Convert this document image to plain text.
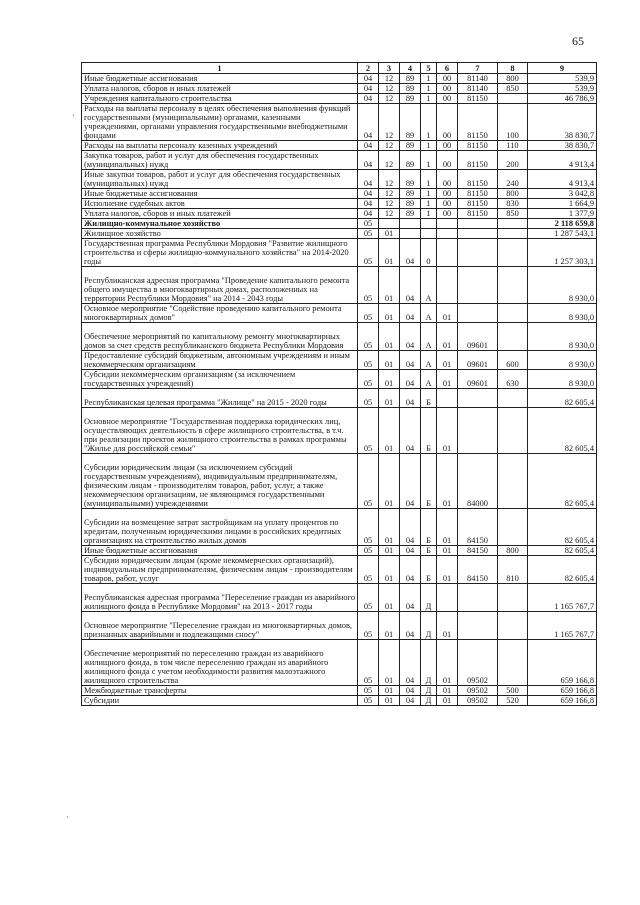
65
·
·
1	2	3	4	5	6	7	8	9
Иные бюджетные ассигнования	04	12	89	1	00	81140	800	539,9
Уплата налогов, сборов и иных платежей	04	12	89	1	00	81140	850	539,9
Учреждения капитального строительства	04	12	89	1	00	81150		46 786,9
Расходы на выплаты персоналу в целях обеспечения выполнения функций государственными (муниципальными) органами, казенными учреждениями, органами управления государственными внебюджетными фондами	04	12	89	1	00	81150	100	38 830,7
Расходы на выплаты персоналу казенных учреждений	04	12	89	1	00	81150	110	38 830,7
Закупка товаров, работ и услуг для обеспечения государственных (муниципальных) нужд	04	12	89	1	00	81150	200	4 913,4
Иные закупки товаров, работ и услуг для обеспечения государственных (муниципальных) нужд	04	12	89	1	00	81150	240	4 913,4
Иные бюджетные ассигнования	04	12	89	1	00	81150	800	3 042,8
Исполнение судебных актов	04	12	89	1	00	81150	830	1 664,9
Уплата налогов, сборов и иных платежей	04	12	89	1	00	81150	850	1 377,9
Жилищно-коммунальное хозяйство	05							2 118 659,8
Жилищное хозяйство	05	01						1 287 543,1
Государственная программа Республики Мордовия "Развитие жилищного строительства и сферы жилищно-коммунального хозяйства" на 2014-2020 годы	05	01	04	0				1 257 303,1
Республиканская адресная программа "Проведение капитального ремонта общего имущества в многоквартирных домах, расположенных на территории Республики Мордовия" на 2014 - 2043 годы	05	01	04	А				8 930,0
Основное мероприятие "Содействие проведению капитального ремонта многоквартирных домов"	05	01	04	А	01			8 930,0
Обеспечение мероприятий по капитальному ремонту многоквартирных домов за счет средств республиканского бюджета Республики Мордовия	05	01	04	А	01	09601		8 930,0
Предоставление субсидий бюджетным, автономным учреждениям и иным некоммерческим организациям	05	01	04	А	01	09601	600	8 930,0
Субсидии некоммерческим организациям (за исключением государственных учреждений)	05	01	04	А	01	09601	630	8 930,0
Республиканская целевая программа "Жилище" на 2015 - 2020 годы	05	01	04	Б				82 605,4
Основное мероприятие "Государственная поддержка юридических лиц, осуществляющих деятельность в сфере жилищного строительства, в т.ч. при реализации проектов жилищного строительства в рамках программы "Жилье для российской семьи"	05	01	04	Б	01			82 605,4
Субсидии юридическим лицам (за исключением субсидий государственным учреждениям), индивидуальным предпринимателям, физическим лицам - производителям товаров, работ, услуг, а также некоммерческим организациям, не являющимся государственными (муниципальными) учреждениями	05	01	04	Б	01	84000		82 605,4
Субсидии на возмещение затрат застройщикам на уплату процентов по кредитам, полученным юридическими лицами в российских кредитных организациях на строительство жилых домов	05	01	04	Б	01	84150		82 605,4
Иные бюджетные ассигнования	05	01	04	Б	01	84150	800	82 605,4
Субсидии юридическим лицам (кроме некоммерческих организаций), индивидуальным предпринимателям, физическим лицам - производителям товаров, работ, услуг	05	01	04	Б	01	84150	810	82 605,4
Республиканская адресная программа "Переселение граждан из аварийного жилищного фонда в Республике Мордовия" на 2013 - 2017 годы	05	01	04	Д				1 165 767,7
Основное мероприятие "Переселение граждан из многоквартирных домов, признанных аварийными и подлежащими сносу"	05	01	04	Д	01			1 165 767,7
Обеспечение мероприятий по переселению граждан из аварийного жилищного фонда, в том числе переселению граждан из аварийного жилищного фонда с учетом необходимости развития малоэтажного жилищного строительства	05	01	04	Д	01	09502		659 166,8
Межбюджетные трансферты	05	01	04	Д	01	09502	500	659 166,8
Субсидии	05	01	04	Д	01	09502	520	659 166,8
